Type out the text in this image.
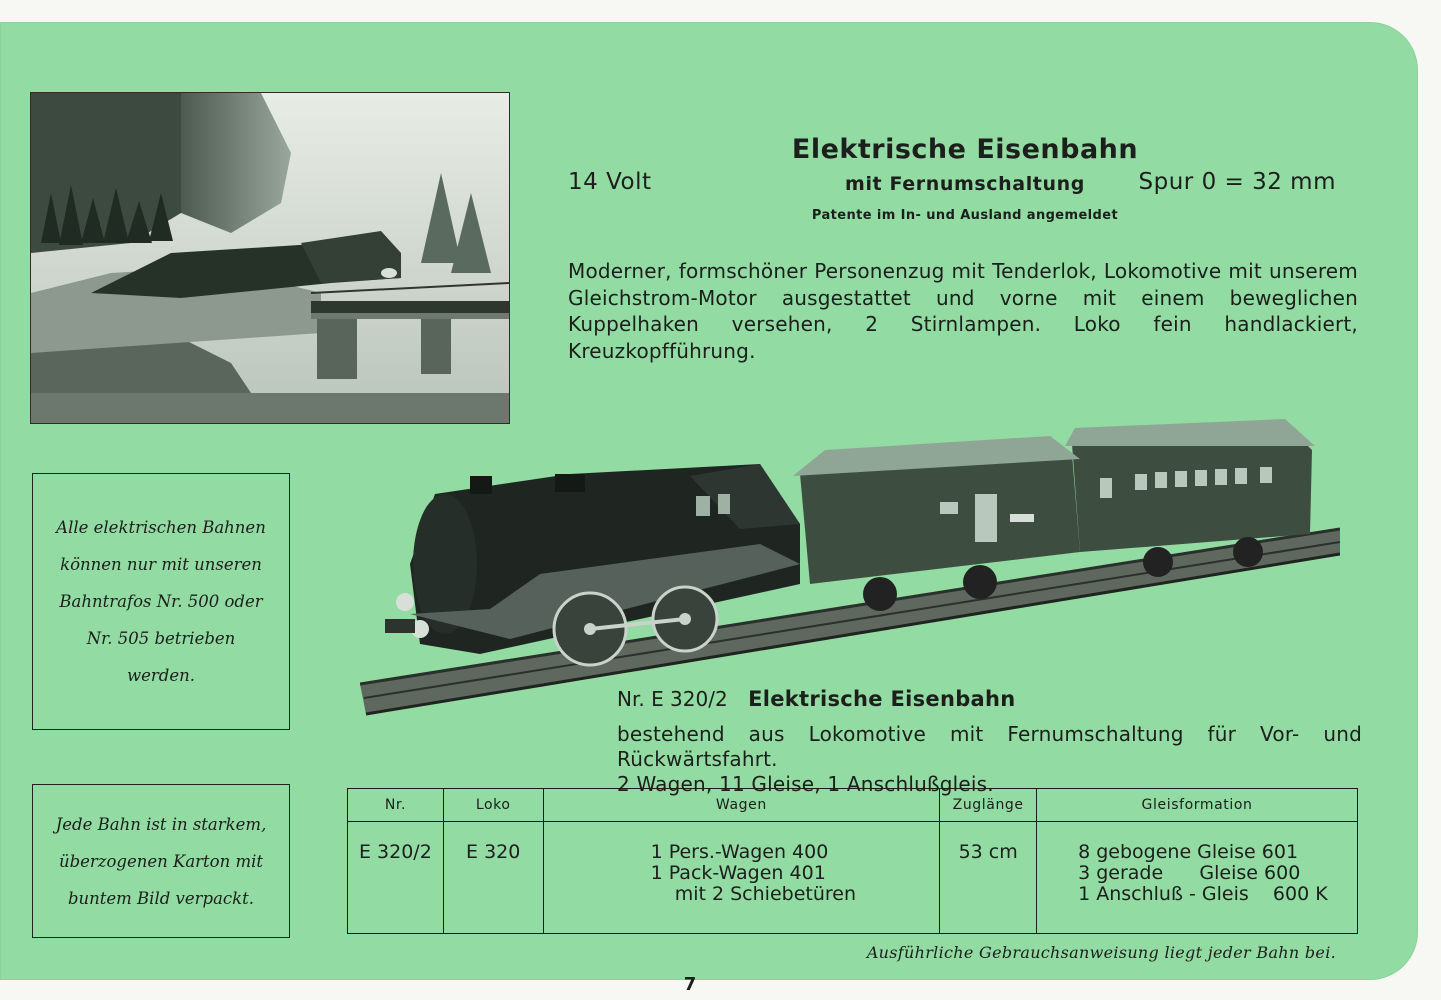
14 Volt
Elektrische Eisenbahn
mit Fernumschaltung
Patente im In- und Ausland angemeldet
Spur 0 = 32 mm
Moderner, formschöner Personenzug mit Tenderlok, Lokomotive mit unserem Gleichstrom-Motor ausgestattet und vorne mit einem beweglichen Kuppelhaken versehen, 2 Stirnlampen. Loko fein handlackiert, Kreuzkopfführung.
Alle elektrischen Bahnen können nur mit unseren Bahntrafos Nr. 500 oder Nr. 505 betrieben werden.
Jede Bahn ist in starkem, überzogenen Karton mit buntem Bild verpackt.
Nr. E 320/2 Elektrische Eisenbahn
bestehend aus Lokomotive mit Fernumschaltung für Vor- und Rückwärtsfahrt.
2 Wagen, 11 Gleise, 1 Anschlußgleis.
Nr.	Loko	Wagen	Zuglänge	Gleisformation
E 320/2	E 320	1 Pers.-Wagen 400
1 Pack-Wagen 401
mit 2 Schiebetüren	53 cm	8 gebogene Gleise 601
3 gerade      Gleise 600
1 Anschluß - Gleis    600 K
Ausführliche Gebrauchsanweisung liegt jeder Bahn bei.
7
